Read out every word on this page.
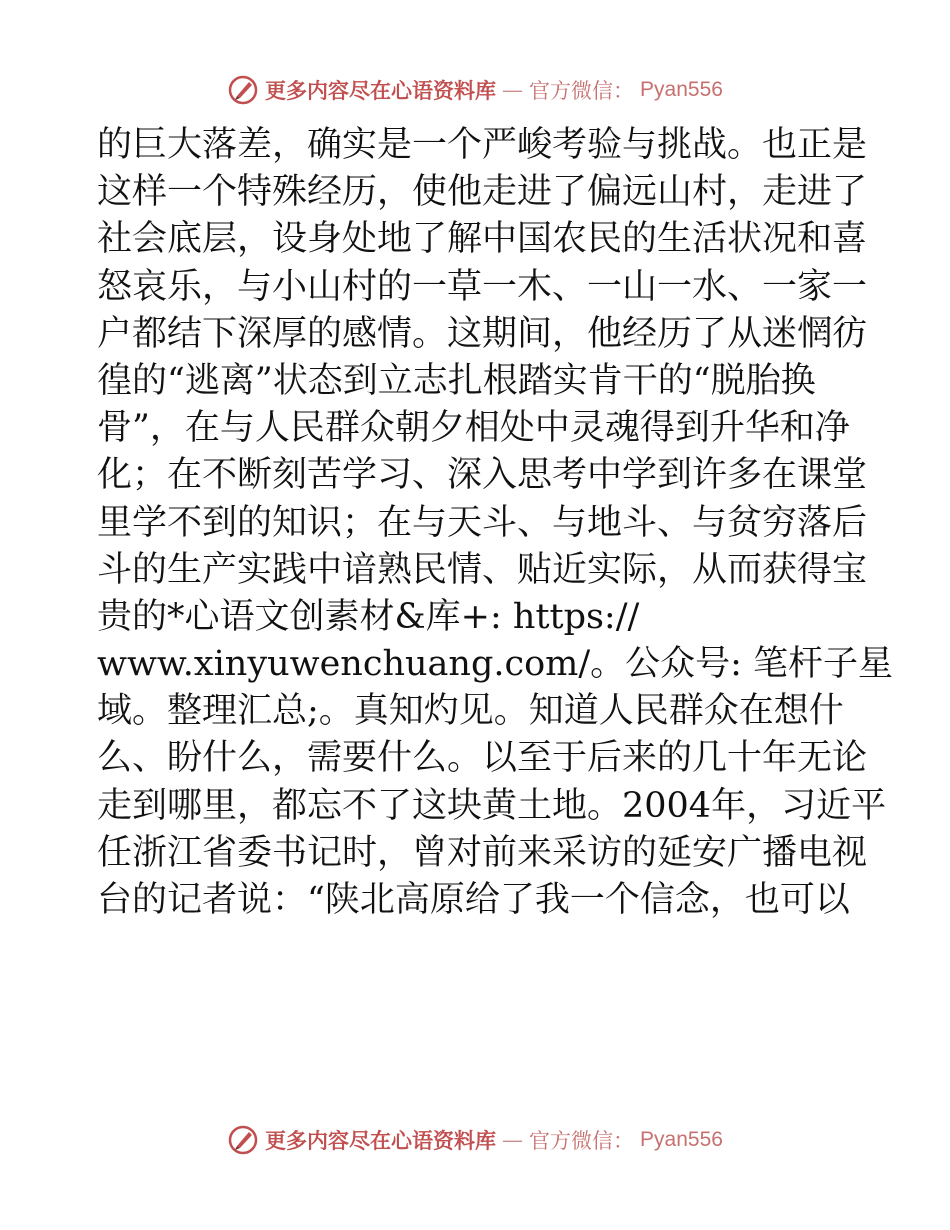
更多内容尽在心语资料库 — 官方微信： Pyan556
的巨大落差，确实是一个严峻考验与挑战。也正是
这样一个特殊经历，使他走进了偏远山村，走进了
社会底层，设身处地了解中国农民的生活状况和喜
怒哀乐，与小山村的一草一木、一山一水、一家一
户都结下深厚的感情。这期间，他经历了从迷惘彷
徨的“逃离”状态到立志扎根踏实肯干的“脱胎换
骨”，在与人民群众朝夕相处中灵魂得到升华和净
化；在不断刻苦学习、深入思考中学到许多在课堂
里学不到的知识；在与天斗、与地斗、与贫穷落后
斗的生产实践中谙熟民情、贴近实际，从而获得宝
贵的*心语文创素材&库+: https://
www.xinyuwenchuang.com/。公众号: 笔杆子星
域。整理汇总;。真知灼见。知道人民群众在想什
么、盼什么，需要什么。以至于后来的几十年无论
走到哪里，都忘不了这块黄土地。2004年，习近平
任浙江省委书记时，曾对前来采访的延安广播电视
台的记者说：“陕北高原给了我一个信念，也可以
更多内容尽在心语资料库 — 官方微信： Pyan556
